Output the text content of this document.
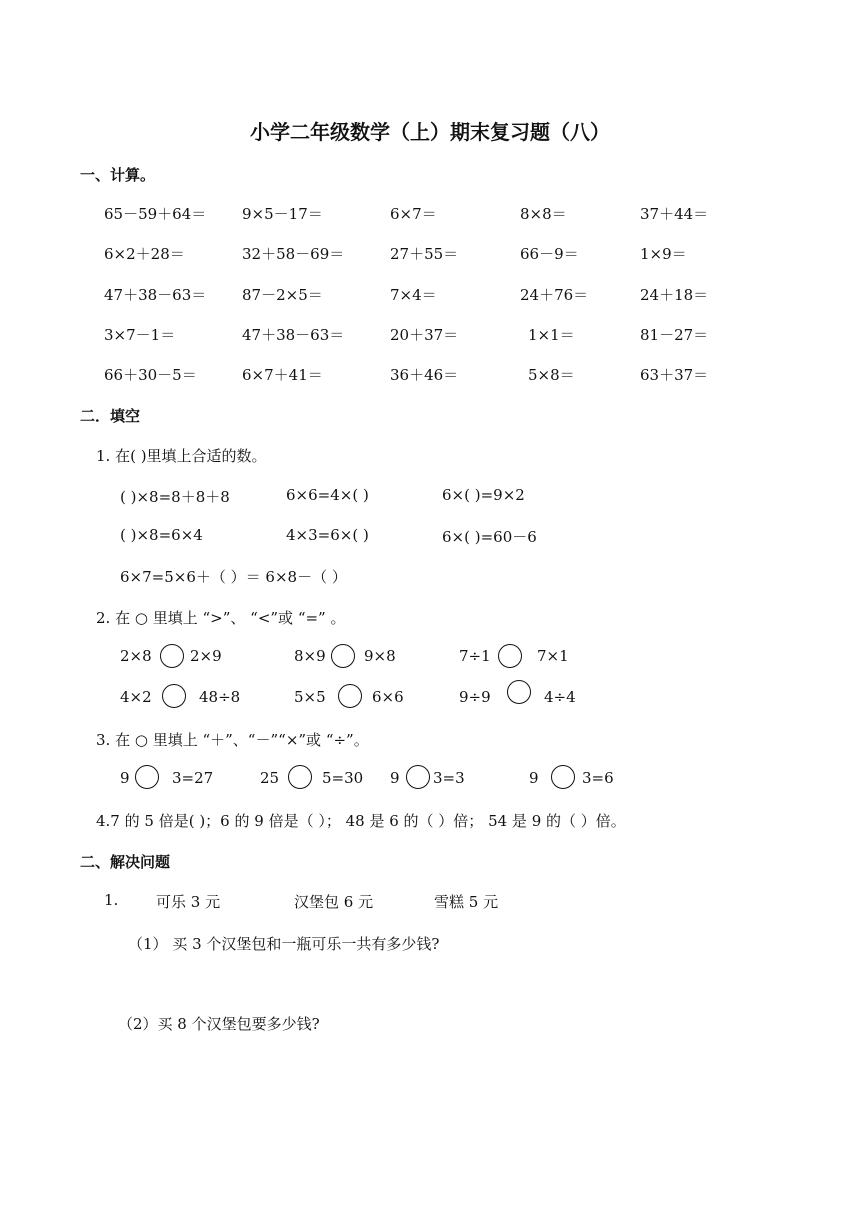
小学二年级数学（上）期末复习题（八）
一、计算。
65－59＋64＝ 9×5－17＝	6×7＝	8×8＝	37＋44＝
6×2＋28＝	32＋58－69＝	27＋55＝	66－9＝	1×9＝
47＋38－63＝ 87－2×5＝	7×4＝	24＋76＝	24＋18＝
3×7－1＝	47＋38－63＝	20＋37＝	1×1＝	81－27＝
66＋30－5＝	6×7＋41＝	36＋46＝	5×8＝	63＋37＝
二．填空
1. 在( )里填上合适的数。
( )×8=8＋8＋8	6×6=4×( )	6×( )=9×2
( )×8=6×4	4×3=6×( )	6×( )=60－6
6×7=5×6＋（ ）＝ 6×8－（ ）
2. 在 ○ 里填上 “>”、 “<”或 “=” 。
2×8	2×9	8×9	9×8	7÷1	7×1
4×2	48÷8	5×5	6×6	9÷9	4÷4
3. 在 ○ 里填上 “＋”、“－”“×”或 “÷”。
9	3=27	25	5=30 9 3=3	9	3=6
4.7 的 5 倍是( )；6 的 9 倍是（ ）； 48 是 6 的（ ）倍； 54 是 9 的（ ）倍。
二、解决问题
1.	可乐 3 元	汉堡包 6 元	雪糕 5 元
（1） 买 3 个汉堡包和一瓶可乐一共有多少钱?
（2）买 8 个汉堡包要多少钱?
